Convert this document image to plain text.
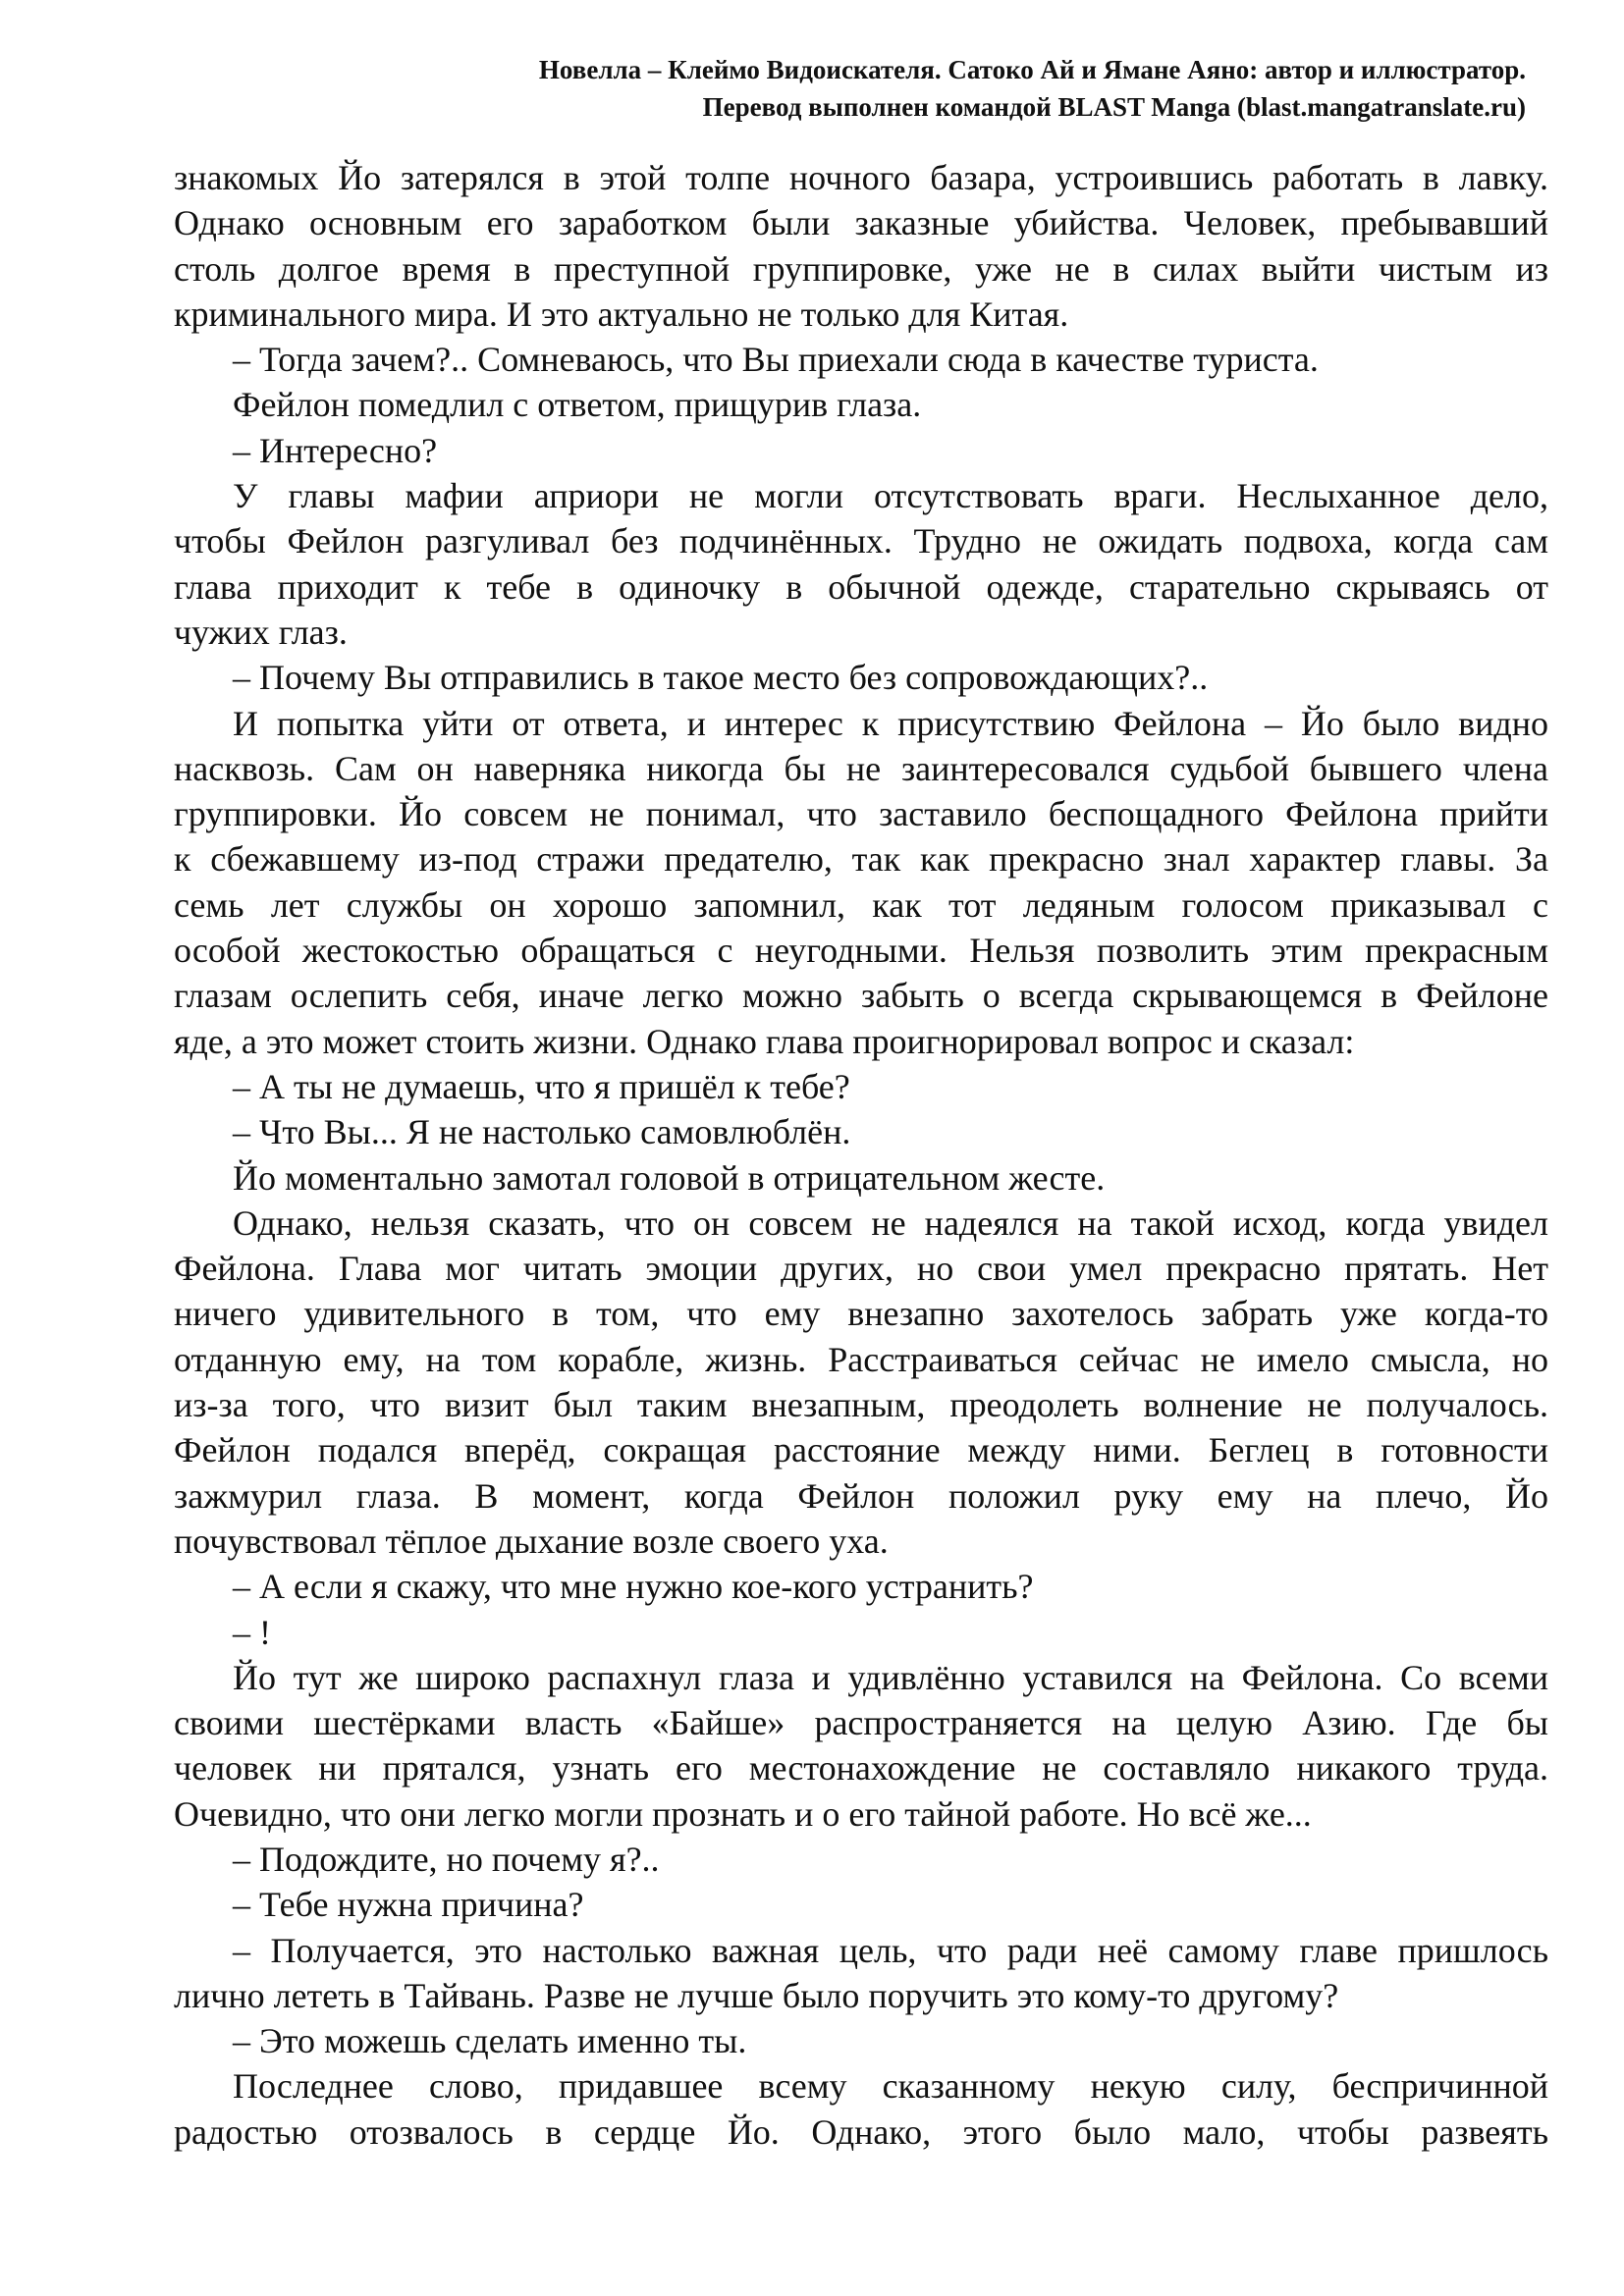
Новелла – Клеймо Видоискателя. Сатоко Ай и Ямане Аяно: автор и иллюстратор.
Перевод выполнен командой BLAST Manga (blast.mangatranslate.ru)
знакомых Йо затерялся в этой толпе ночного базара, устроившись работать в лавку.
Однако основным его заработком были заказные убийства. Человек, пребывавший
столь долгое время в преступной группировке, уже не в силах выйти чистым из
криминального мира. И это актуально не только для Китая.
– Тогда зачем?.. Сомневаюсь, что Вы приехали сюда в качестве туриста.
Фейлон помедлил с ответом, прищурив глаза.
– Интересно?
У главы мафии априори не могли отсутствовать враги. Неслыханное дело,
чтобы Фейлон разгуливал без подчинённых. Трудно не ожидать подвоха, когда сам
глава приходит к тебе в одиночку в обычной одежде, старательно скрываясь от
чужих глаз.
– Почему Вы отправились в такое место без сопровождающих?..
И попытка уйти от ответа, и интерес к присутствию Фейлона – Йо было видно
насквозь. Сам он наверняка никогда бы не заинтересовался судьбой бывшего члена
группировки. Йо совсем не понимал, что заставило беспощадного Фейлона прийти
к сбежавшему из-под стражи предателю, так как прекрасно знал характер главы. За
семь лет службы он хорошо запомнил, как тот ледяным голосом приказывал с
особой жестокостью обращаться с неугодными. Нельзя позволить этим прекрасным
глазам ослепить себя, иначе легко можно забыть о всегда скрывающемся в Фейлоне
яде, а это может стоить жизни. Однако глава проигнорировал вопрос и сказал:
– А ты не думаешь, что я пришёл к тебе?
– Что Вы... Я не настолько самовлюблён.
Йо моментально замотал головой в отрицательном жесте.
Однако, нельзя сказать, что он совсем не надеялся на такой исход, когда увидел
Фейлона. Глава мог читать эмоции других, но свои умел прекрасно прятать. Нет
ничего удивительного в том, что ему внезапно захотелось забрать уже когда-то
отданную ему, на том корабле, жизнь. Расстраиваться сейчас не имело смысла, но
из-за того, что визит был таким внезапным, преодолеть волнение не получалось.
Фейлон подался вперёд, сокращая расстояние между ними. Беглец в готовности
зажмурил глаза. В момент, когда Фейлон положил руку ему на плечо, Йо
почувствовал тёплое дыхание возле своего уха.
– А если я скажу, что мне нужно кое-кого устранить?
– !
Йо тут же широко распахнул глаза и удивлённо уставился на Фейлона. Со всеми
своими шестёрками власть «Байше» распространяется на целую Азию. Где бы
человек ни прятался, узнать его местонахождение не составляло никакого труда.
Очевидно, что они легко могли прознать и о его тайной работе. Но всё же...
– Подождите, но почему я?..
– Тебе нужна причина?
– Получается, это настолько важная цель, что ради неё самому главе пришлось
лично лететь в Тайвань. Разве не лучше было поручить это кому-то другому?
– Это можешь сделать именно ты.
Последнее слово, придавшее всему сказанному некую силу, беспричинной
радостью отозвалось в сердце Йо. Однако, этого было мало, чтобы развеять
